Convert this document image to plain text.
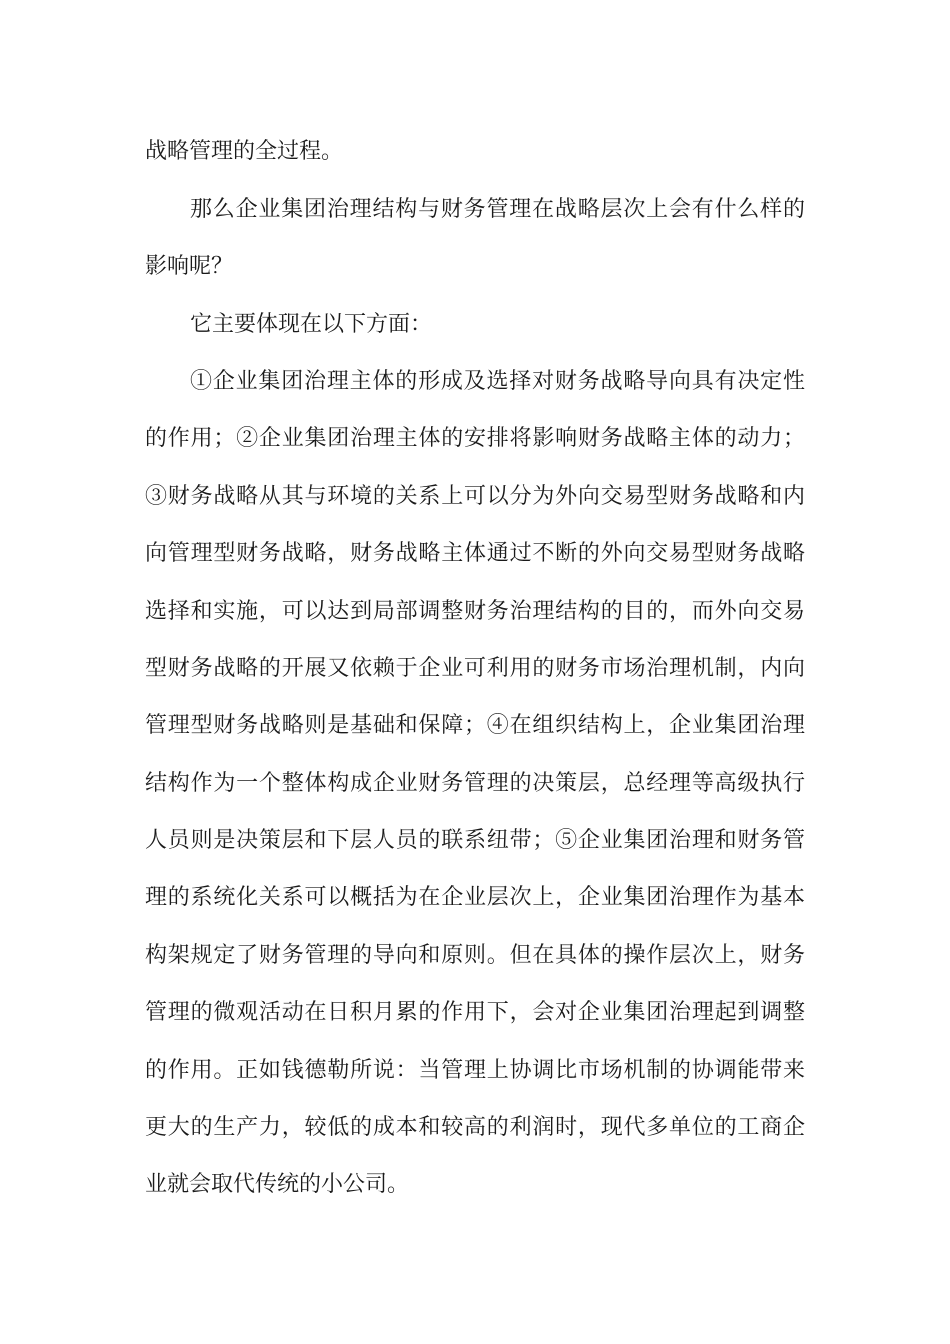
战略管理的全过程。
那么企业集团治理结构与财务管理在战略层次上会有什么样的
影响呢？
它主要体现在以下方面：
①企业集团治理主体的形成及选择对财务战略导向具有决定性
的作用；②企业集团治理主体的安排将影响财务战略主体的动力；
③财务战略从其与环境的关系上可以分为外向交易型财务战略和内
向管理型财务战略，财务战略主体通过不断的外向交易型财务战略
选择和实施，可以达到局部调整财务治理结构的目的，而外向交易
型财务战略的开展又依赖于企业可利用的财务市场治理机制，内向
管理型财务战略则是基础和保障；④在组织结构上，企业集团治理
结构作为一个整体构成企业财务管理的决策层，总经理等高级执行
人员则是决策层和下层人员的联系纽带；⑤企业集团治理和财务管
理的系统化关系可以概括为在企业层次上，企业集团治理作为基本
构架规定了财务管理的导向和原则。但在具体的操作层次上，财务
管理的微观活动在日积月累的作用下，会对企业集团治理起到调整
的作用。正如钱德勒所说：当管理上协调比市场机制的协调能带来
更大的生产力，较低的成本和较高的利润时，现代多单位的工商企
业就会取代传统的小公司。
